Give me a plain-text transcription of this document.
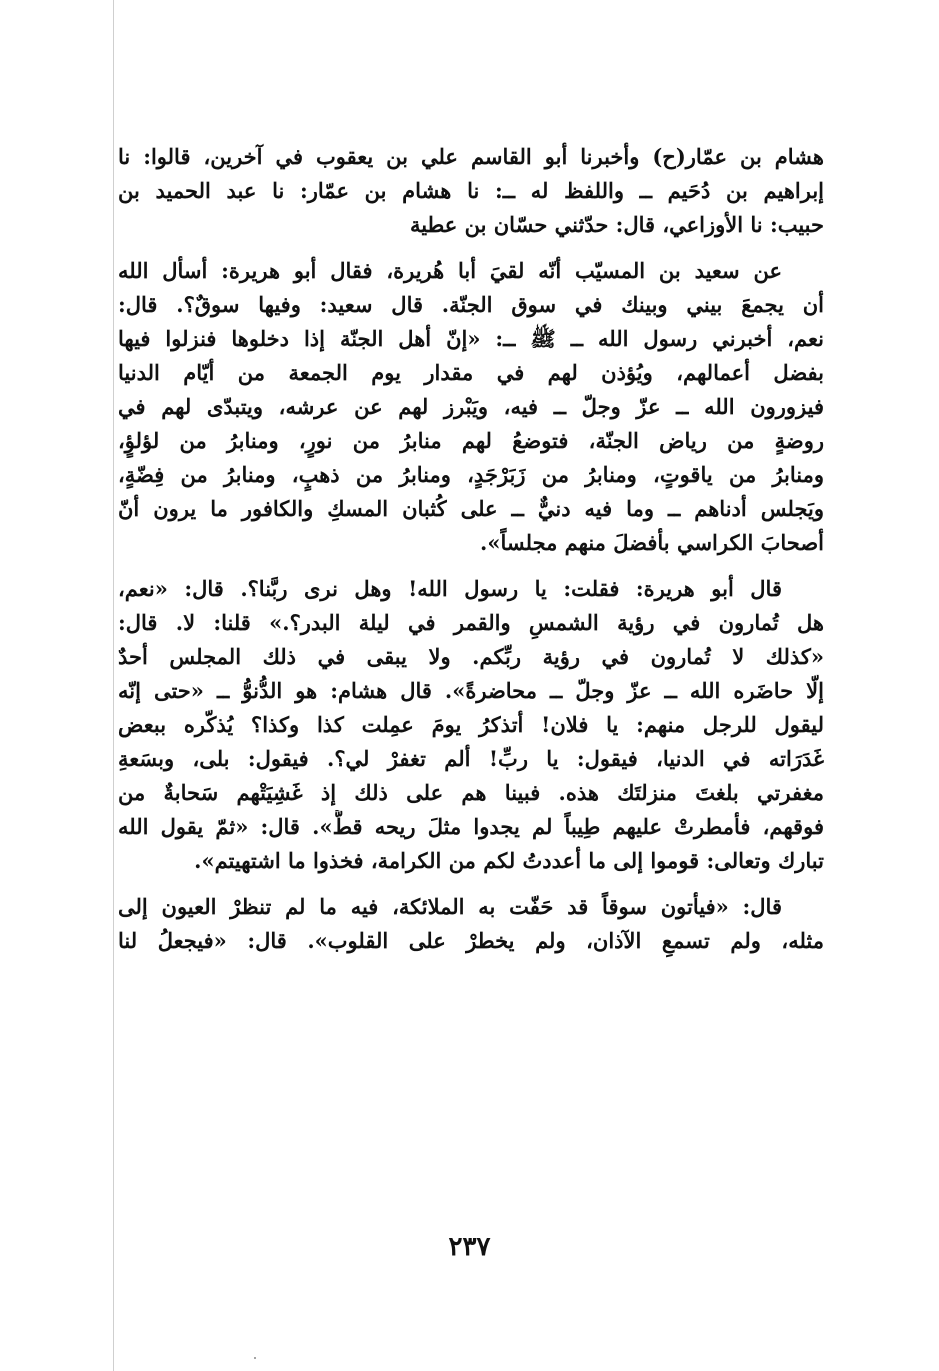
هشام بن عمّار(ح) وأخبرنا أبو القاسم علي بن يعقوب في آخرين، قالوا: نا
إبراهيم بن دُحَيم ــ واللفظ له ــ: نا هشام بن عمّار: نا عبد الحميد بن
حبيب: نا الأوزاعي، قال: حدّثني حسّان بن عطية

عن سعيد بن المسيّب أنّه لقيَ أبا هُريرة، فقال أبو هريرة: أسأل الله
أن يجمعَ بيني وبينك في سوق الجنّة. قال سعيد: وفيها سوقٌ؟. قال:
نعم، أخبرني رسول الله ــ ﷺ ــ: «إنّ أهل الجنّة إذا دخلوها فنزلوا فيها
بفضل أعمالهم، ويُؤذن لهم في مقدار يوم الجمعة من أيّام الدنيا
فيزورون الله ــ عزّ وجلّ ــ فيه، ويَبْرز لهم عن عرشه، ويتبدّى لهم في
روضةٍ من رياض الجنّة، فتوضعُ لهم منابرُ من نورٍ، ومنابرُ من لؤلؤٍ،
ومنابرُ من ياقوتٍ، ومنابرُ من زَبَرْجَدٍ، ومنابرُ من ذهبٍ، ومنابرُ من فِضّةٍ،
ويَجلس أدناهم ــ وما فيه دنيٌّ ــ على كُثبان المسكِ والكافور ما يرون أنّ
أصحابَ الكراسي بأفضلَ منهم مجلساً».

قال أبو هريرة: فقلت: يا رسول الله! وهل نرى ربَّنا؟. قال: «نعم،
هل تُمارون في رؤية الشمسِ والقمر في ليلة البدر؟.» قلنا: لا. قال:
«كذلك لا تُمارون في رؤية ربِّكم. ولا يبقى في ذلك المجلس أحدٌ
إلّا حاضَره الله ــ عزّ وجلّ ــ محاضرةً». قال هشام: هو الدُّنوُّ ــ «حتى إنّه
ليقول للرجل منهم: يا فلان! أتذكرُ يومَ عمِلت كذا وكذا؟ يُذكّره ببعض
غَدَرَاته في الدنيا، فيقول: يا ربِّ! ألم تغفرْ لي؟. فيقول: بلى، وبسَعةِ
مغفرتي بلغتَ منزلتَك هذه. فبينا هم على ذلك إذ غَشِيَتْهم سَحابةٌ من
فوقهم، فأمطرتْ عليهم طِيباً لم يجدوا مثلَ ريحه قطُّ». قال: «ثمّ يقول الله
تبارك وتعالى: قوموا إلى ما أعددتُ لكم من الكرامة، فخذوا ما اشتهيتم».

قال: «فيأتون سوقاً قد حَفّت به الملائكة، فيه ما لم تنظرْ العيون إلى
مثله، ولم تسمعِ الآذان، ولم يخطرْ على القلوب». قال: «فيجعلُ لنا

٢٣٧
